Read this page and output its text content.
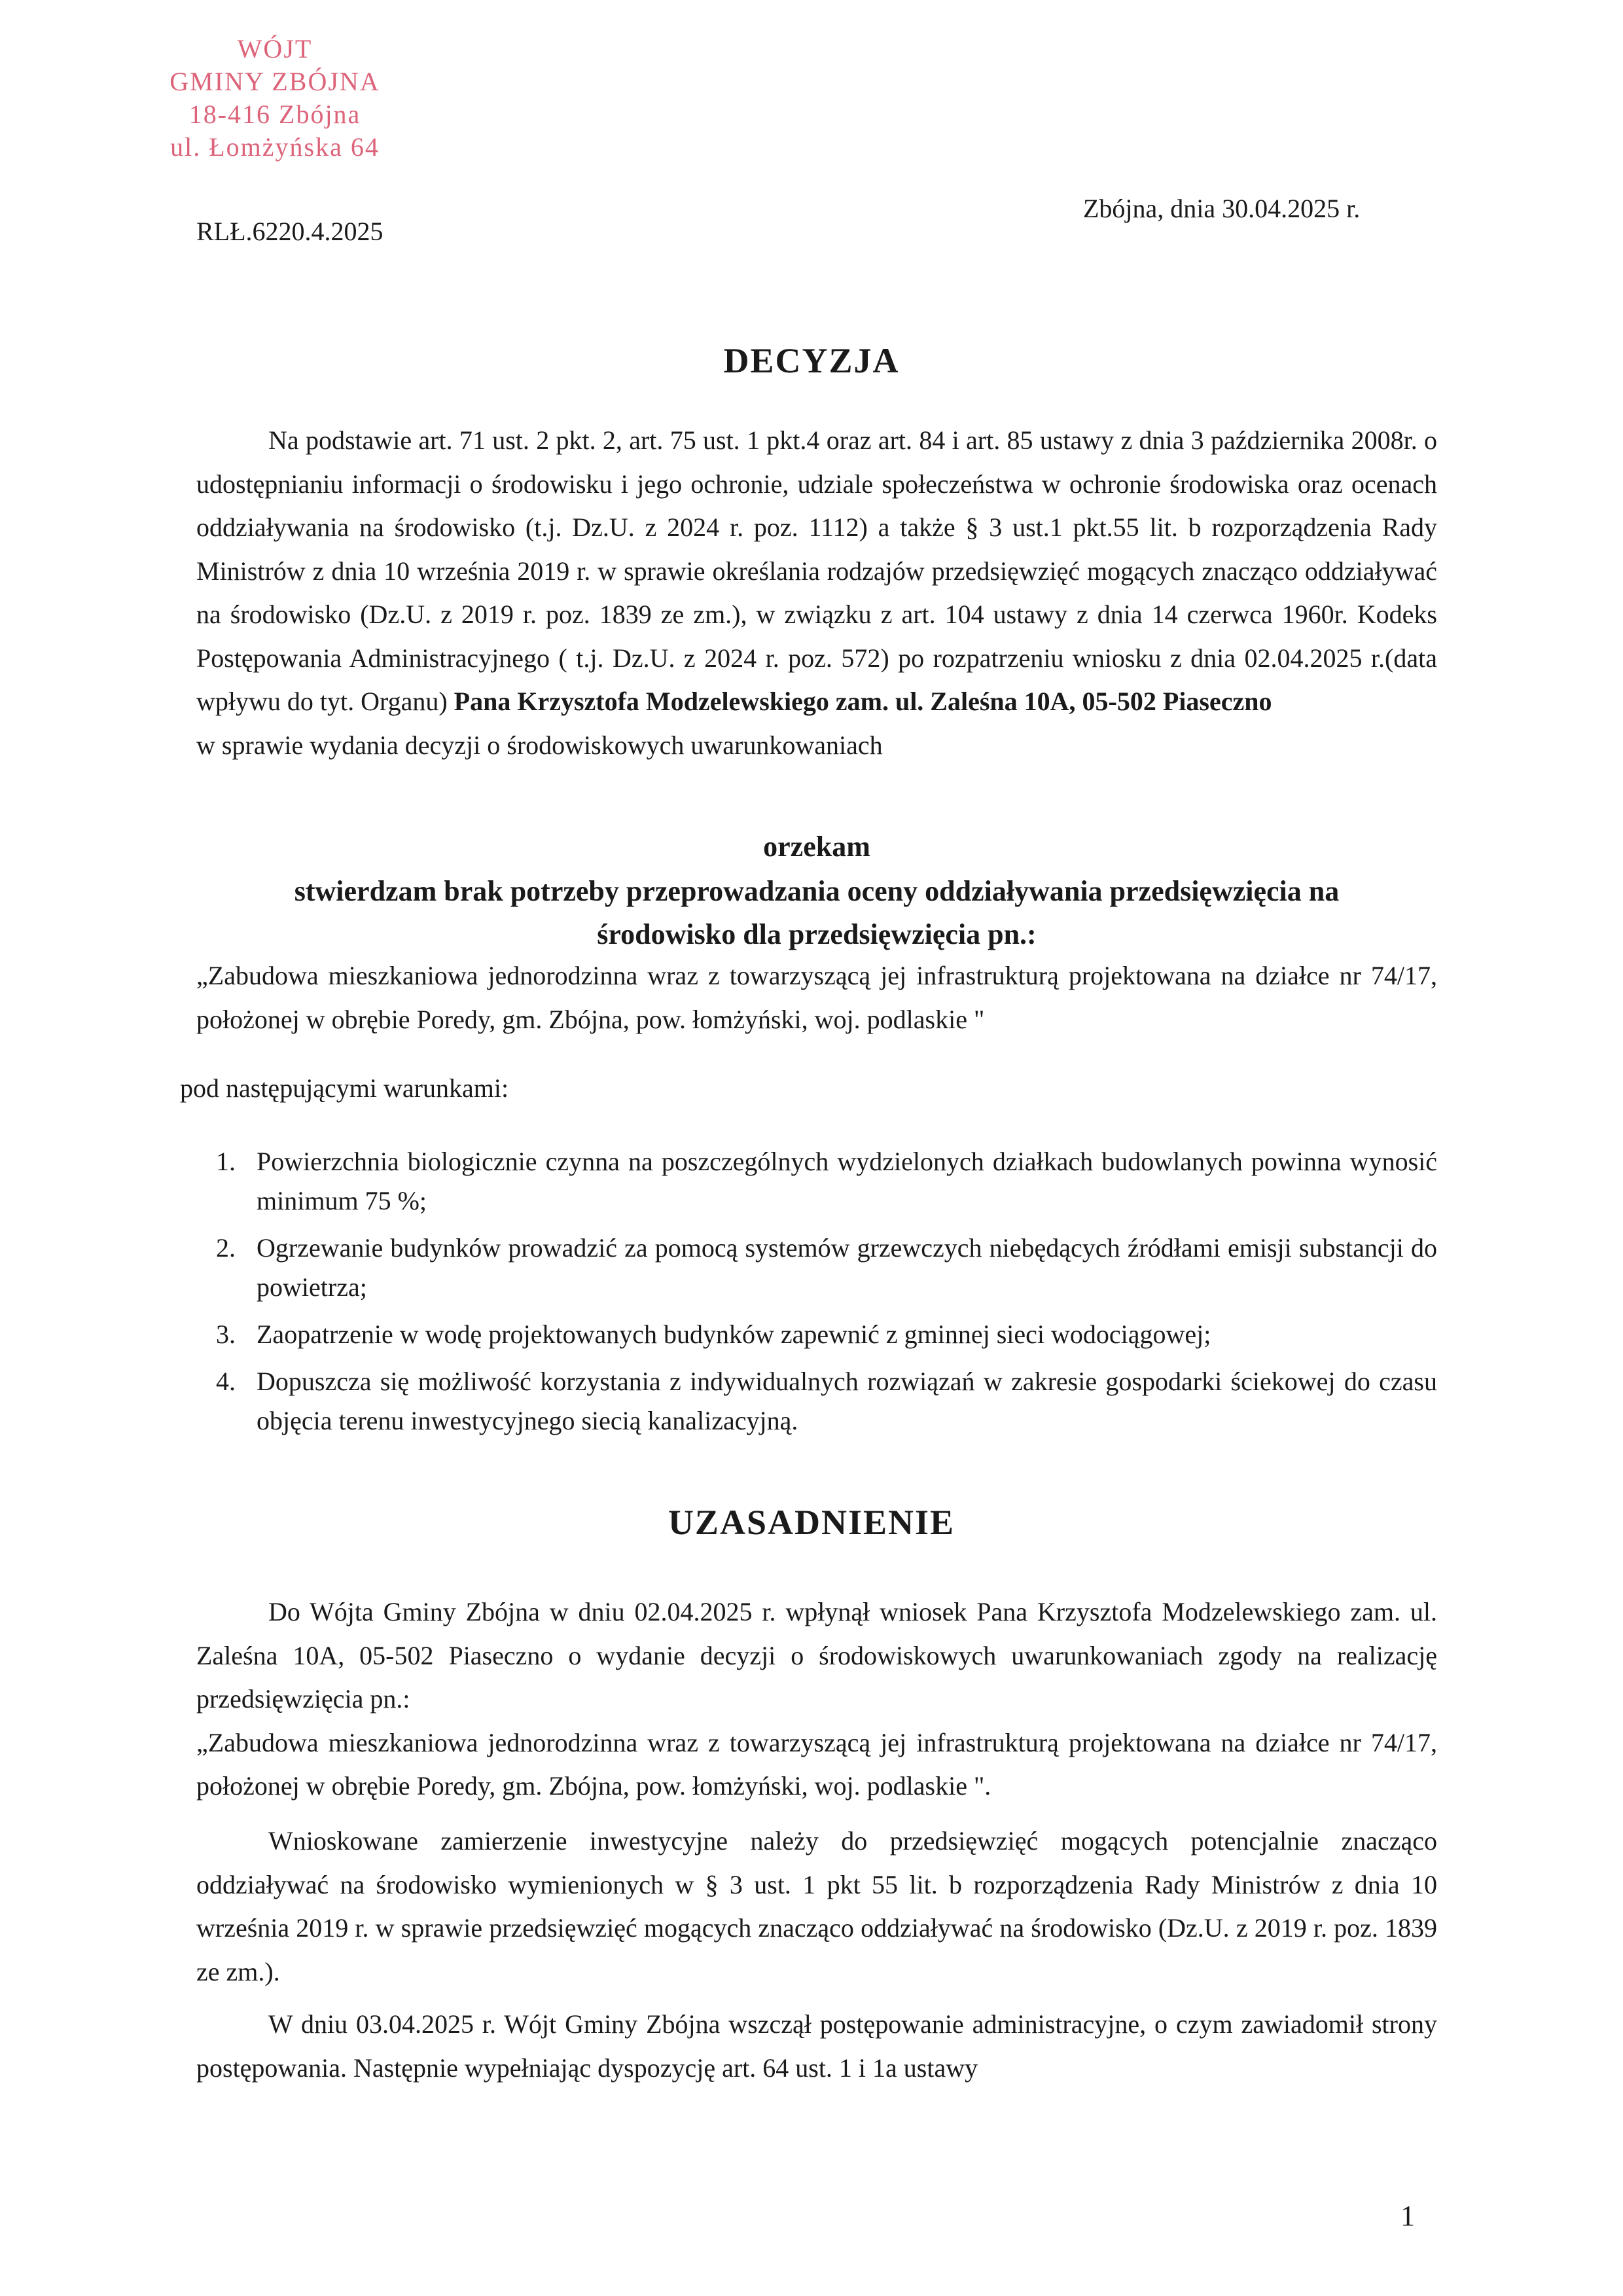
WÓJT
GMINY ZBÓJNA
18-416 Zbójna
ul. Łomżyńska 64
Zbójna, dnia 30.04.2025 r.
RLŁ.6220.4.2025
DECYZJA
Na podstawie art. 71 ust. 2 pkt. 2, art. 75 ust. 1 pkt.4 oraz art. 84 i art. 85 ustawy z dnia 3 października 2008r. o udostępnianiu informacji o środowisku i jego ochronie, udziale społeczeństwa w ochronie środowiska oraz ocenach oddziaływania na środowisko (t.j. Dz.U. z 2024 r. poz. 1112) a także § 3 ust.1 pkt.55 lit. b rozporządzenia Rady Ministrów z dnia 10 września 2019 r. w sprawie określania rodzajów przedsięwzięć mogących znacząco oddziaływać na środowisko (Dz.U. z 2019 r. poz. 1839 ze zm.), w związku z art. 104 ustawy z dnia 14 czerwca 1960r. Kodeks Postępowania Administracyjnego ( t.j. Dz.U. z 2024 r. poz. 572) po rozpatrzeniu wniosku z dnia 02.04.2025 r.(data wpływu do tyt. Organu) Pana Krzysztofa Modzelewskiego zam. ul. Zaleśna 10A, 05-502 Piaseczno
w sprawie wydania decyzji o środowiskowych uwarunkowaniach
orzekam
stwierdzam brak potrzeby przeprowadzania oceny oddziaływania przedsięwzięcia na
środowisko dla przedsięwzięcia pn.:
„Zabudowa mieszkaniowa jednorodzinna wraz z towarzyszącą jej infrastrukturą projektowana na działce nr 74/17, położonej w obrębie Poredy, gm. Zbójna, pow. łomżyński, woj. podlaskie "
pod następującymi warunkami:
1. Powierzchnia biologicznie czynna na poszczególnych wydzielonych działkach budowlanych powinna wynosić minimum 75 %;
2. Ogrzewanie budynków prowadzić za pomocą systemów grzewczych niebędących źródłami emisji substancji do powietrza;
3. Zaopatrzenie w wodę projektowanych budynków zapewnić z gminnej sieci wodociągowej;
4. Dopuszcza się możliwość korzystania z indywidualnych rozwiązań w zakresie gospodarki ściekowej do czasu objęcia terenu inwestycyjnego siecią kanalizacyjną.
UZASADNIENIE
Do Wójta Gminy Zbójna w dniu 02.04.2025 r. wpłynął wniosek Pana Krzysztofa Modzelewskiego zam. ul. Zaleśna 10A, 05-502 Piaseczno o wydanie decyzji o środowiskowych uwarunkowaniach zgody na realizację przedsięwzięcia pn.:
„Zabudowa mieszkaniowa jednorodzinna wraz z towarzyszącą jej infrastrukturą projektowana na działce nr 74/17, położonej w obrębie Poredy, gm. Zbójna, pow. łomżyński, woj. podlaskie ".
Wnioskowane zamierzenie inwestycyjne należy do przedsięwzięć mogących potencjalnie znacząco oddziaływać na środowisko wymienionych w § 3 ust. 1 pkt 55 lit. b rozporządzenia Rady Ministrów z dnia 10 września 2019 r. w sprawie przedsięwzięć mogących znacząco oddziaływać na środowisko (Dz.U. z 2019 r. poz. 1839 ze zm.).
W dniu 03.04.2025 r. Wójt Gminy Zbójna wszczął postępowanie administracyjne, o czym zawiadomił strony postępowania. Następnie wypełniając dyspozycję art. 64 ust. 1 i 1a ustawy
1
